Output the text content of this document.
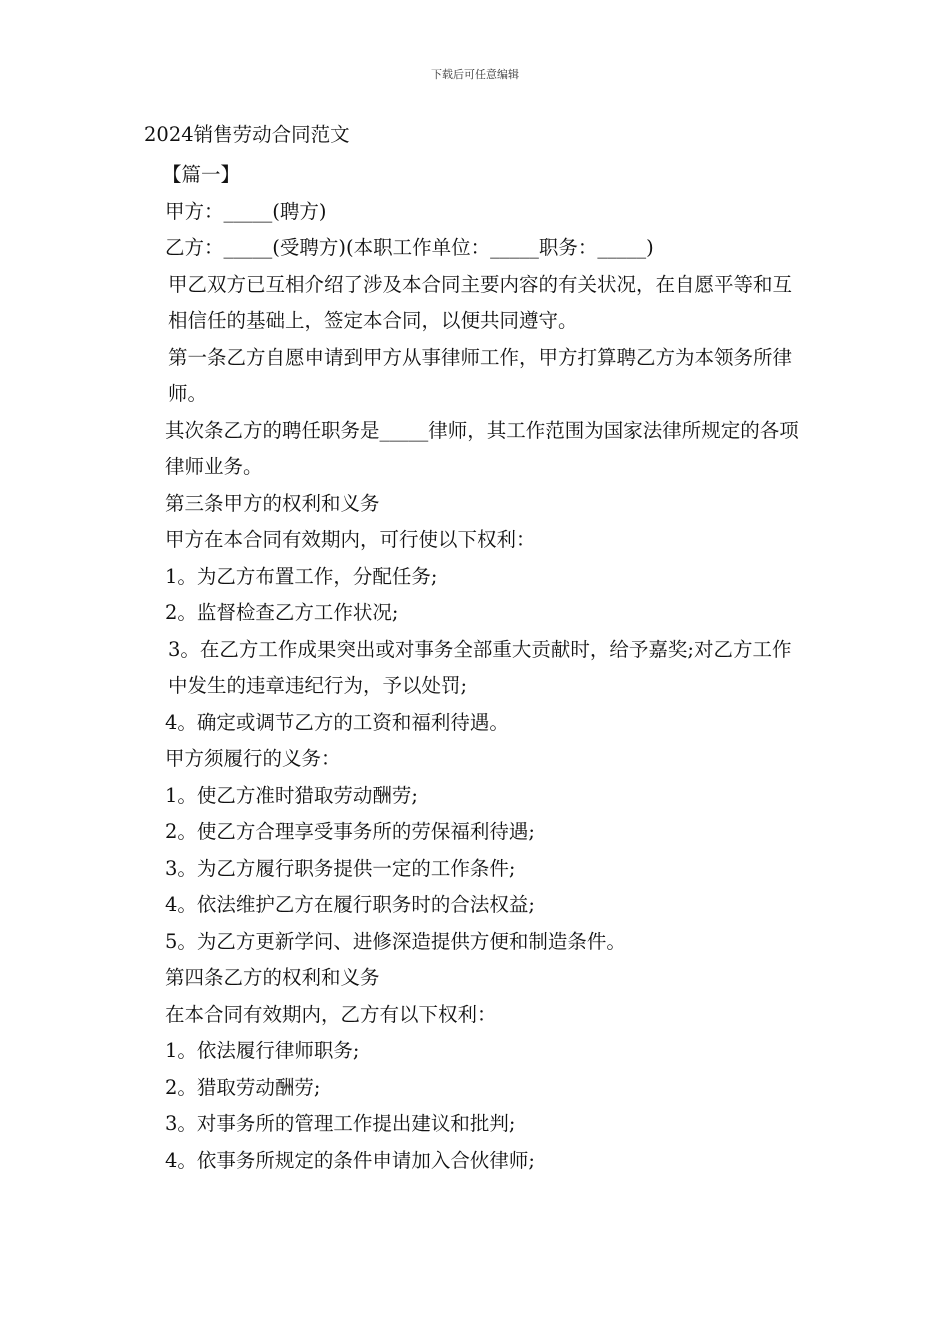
下载后可任意编辑
2024销售劳动合同范文

【篇一】

甲方：_____(聘方)

乙方：_____(受聘方)(本职工作单位：_____职务：_____)

甲乙双方已互相介绍了涉及本合同主要内容的有关状况，在自愿平等和互相信任的基础上，签定本合同，以便共同遵守。

第一条乙方自愿申请到甲方从事律师工作，甲方打算聘乙方为本领务所律师。

其次条乙方的聘任职务是_____律师，其工作范围为国家法律所规定的各项律师业务。

第三条甲方的权利和义务

甲方在本合同有效期内，可行使以下权利：

1。为乙方布置工作，分配任务;

2。监督检查乙方工作状况;

3。在乙方工作成果突出或对事务全部重大贡献时，给予嘉奖;对乙方工作中发生的违章违纪行为，予以处罚;

4。确定或调节乙方的工资和福利待遇。

甲方须履行的义务：

1。使乙方准时猎取劳动酬劳;

2。使乙方合理享受事务所的劳保福利待遇;

3。为乙方履行职务提供一定的工作条件;

4。依法维护乙方在履行职务时的合法权益;

5。为乙方更新学问、进修深造提供方便和制造条件。

第四条乙方的权利和义务

在本合同有效期内，乙方有以下权利：

1。依法履行律师职务;

2。猎取劳动酬劳;

3。对事务所的管理工作提出建议和批判;

4。依事务所规定的条件申请加入合伙律师;
